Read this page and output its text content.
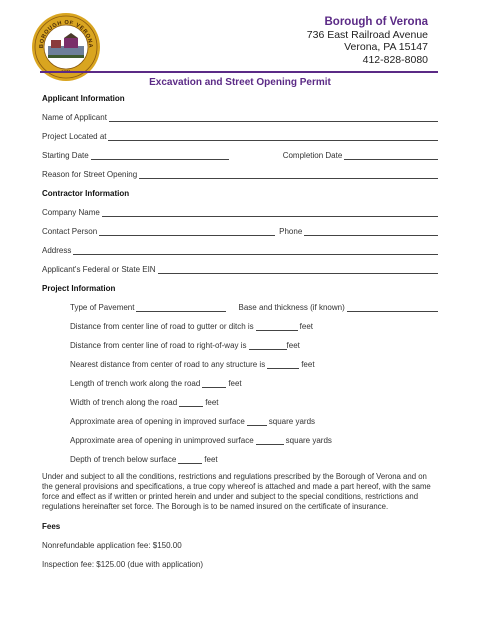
BOROUGH OF VERONA
Borough of Verona
736 East Railroad Avenue
Verona, PA 15147
412-828-8080
Excavation and Street Opening Permit
Applicant Information
Name of Applicant
Project Located at
Starting Date	Completion Date
Reason for Street Opening
Contractor Information
Company Name
Contact Person	Phone
Address
Applicant's Federal or State EIN
Project Information
Type of Pavement	Base and thickness (if known)
Distance from center line of road to gutter or ditch is	feet
Distance from center line of road to right-of-way is	feet
Nearest distance from center of road to any structure is	feet
Length of trench work along the road	feet
Width of trench along the road	feet
Approximate area of opening in improved surface	square yards
Approximate area of opening in unimproved surface	square yards
Depth of trench below surface	feet
Under and subject to all the conditions, restrictions and regulations prescribed by the Borough of Verona and on the general provisions and specifications, a true copy whereof is attached and made a part hereof, with the same force and effect as if written or printed herein and under and subject to the special conditions, restrictions and regulations hereinafter set force. The Borough is to be named insured on the certificate of insurance.
Fees
Nonrefundable application fee: $150.00
Inspection fee: $125.00 (due with application)
